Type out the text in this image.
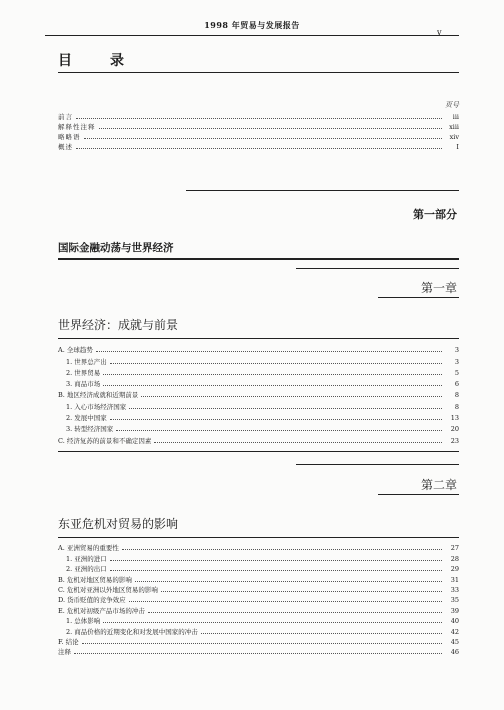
1998 年贸易与发展报告
v
目　录
页号
前言	iii
解释性注释	xiii
略略语	xiv
概述	I
第一部分
国际金融动荡与世界经济
第一章
世界经济：成就与前景
A. 全球趋势	3
1. 世界总产出	3
2. 世界贸易	5
3. 商品市场	6
B. 地区经济成就和近期前景	8
1. 入心市场经济国家	8
2. 发展中国家	13
3. 转型经济国家	20
C. 经济复苏的前景和不确定因素	23
第二章
东亚危机对贸易的影响
A. 亚洲贸易的重要性	27
1. 亚洲的进口	28
2. 亚洲的出口	29
B. 危机对地区贸易的影响	31
C. 危机对亚洲以外地区贸易的影响	33
D. 货币贬值的竞争效应	35
E. 危机对初级产品市场的冲击	39
1. 总体影响	40
2. 商品价格的近期变化和对发展中国家的冲击	42
F. 结论	45
注释	46
